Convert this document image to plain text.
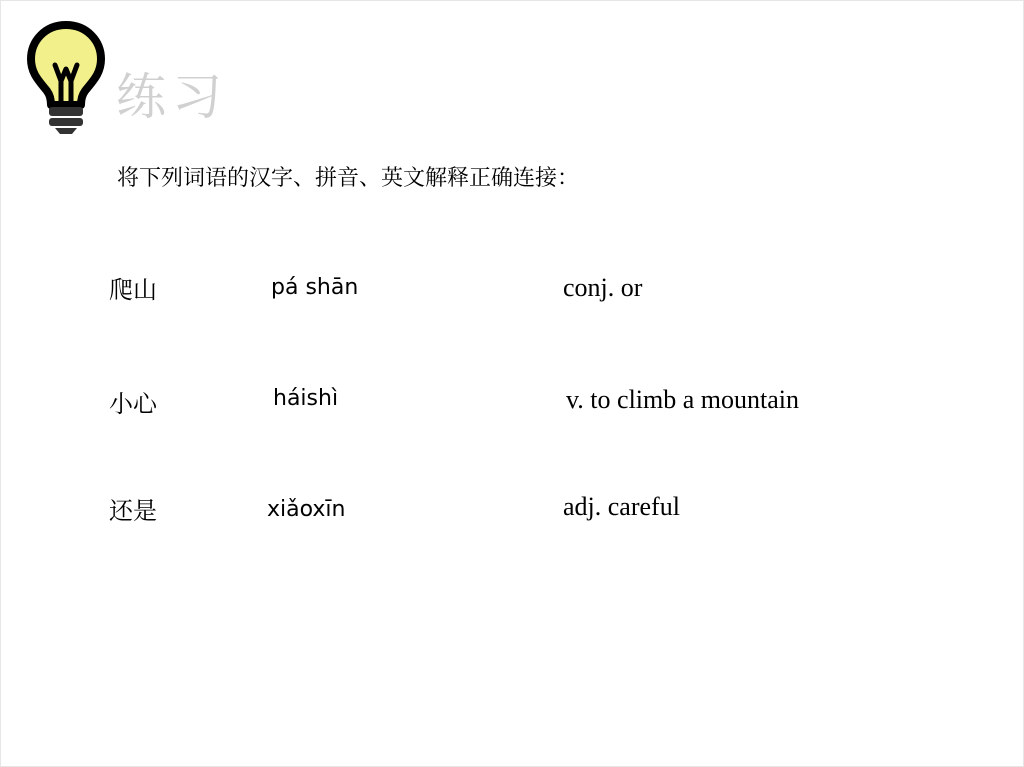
练习
将下列词语的汉字、拼音、英文解释正确连接：
爬山
小心
还是
pá shān
háishì
xiǎoxīn
conj. or
v. to climb a mountain
adj. careful
